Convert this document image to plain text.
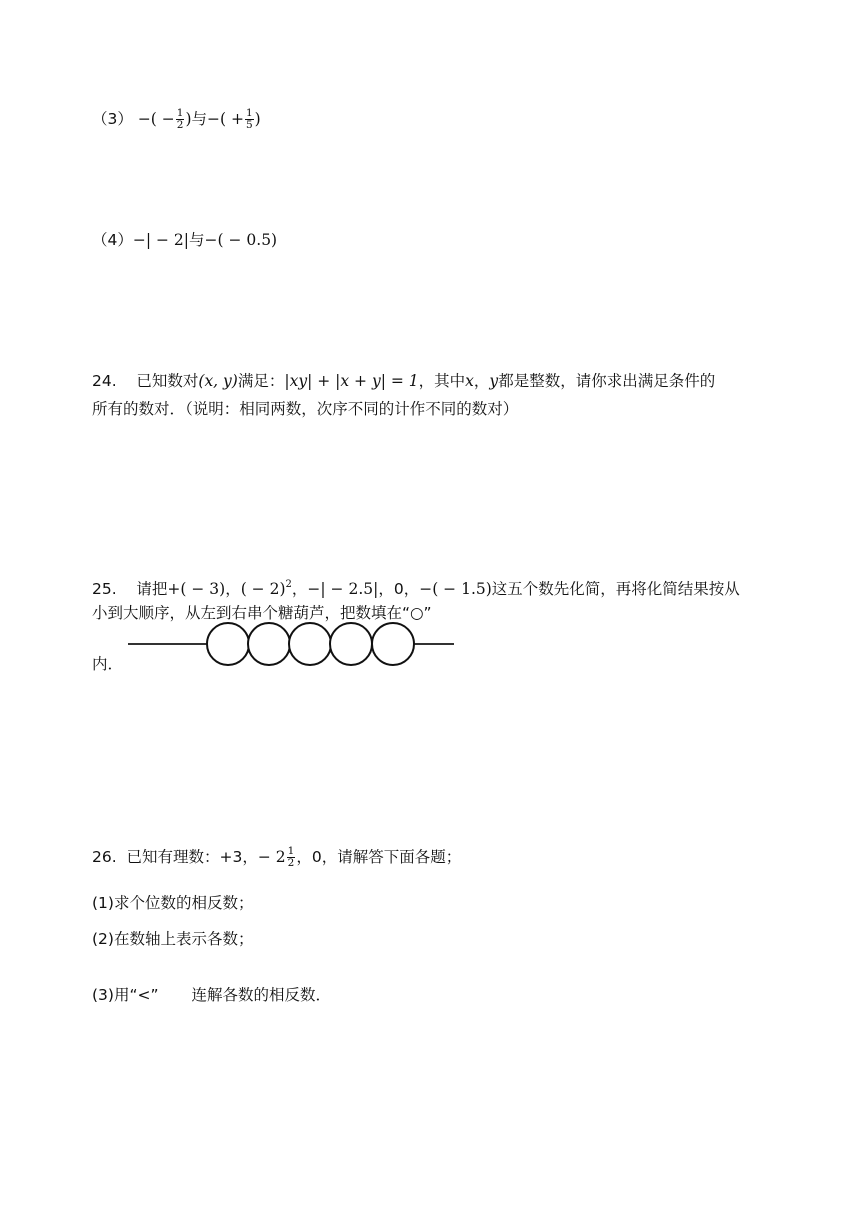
（3） −( − $\frac{1}{2}$ )与−( + $\frac{1}{5}$ )
（4）−| − 2|与−( − 0.5)
24. 已知数对(x, y)满足：|xy| + |x + y| = 1，其中x，y都是整数，请你求出满足条件的
所有的数对．（说明：相同两数，次序不同的计作不同的数对）
25. 请把+( − 3)，( − 2)$^2$，−| − 2.5|，0，−( − 1.5)这五个数先化简，再将化简结果按从
小到大顺序，从左到右串个糖葫芦，把数填在“○”
内．
26. 已知有理数：+3，− $2 \frac{1}{2}$ ，0，请解答下面各题；
(1)求个位数的相反数；
(2)在数轴上表示各数；
(3)用“<” 连解各数的相反数．
